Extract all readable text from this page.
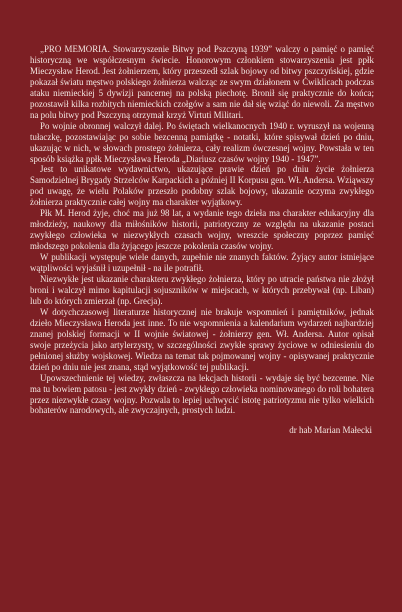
„PRO MEMORIA. Stowarzyszenie Bitwy pod Pszczyną 1939” walczy o pamięć o pamięć historyczną we współczesnym świecie. Honorowym członkiem stowarzyszenia jest ppłk Mieczysław Herod. Jest żołnierzem, który przeszedł szlak bojowy od bitwy pszczyńskiej, gdzie pokazał światu męstwo polskiego żołnierza walcząc ze swym działonem w Ćwiklicach podczas ataku niemieckiej 5 dywizji pancernej na polską piechotę. Bronił się praktycznie do końca; pozostawił kilka rozbitych niemieckich czołgów a sam nie dał się wziąć do niewoli. Za męstwo na polu bitwy pod Pszczyną otrzymał krzyż Virtuti Militari.

Po wojnie obronnej walczył dalej. Po świętach wielkanocnych 1940 r. wyruszył na wojenną tułaczkę, pozostawiając po sobie bezcenną pamiątkę - notatki, które spisywał dzień po dniu, ukazując w nich, w słowach prostego żołnierza, cały realizm ówczesnej wojny. Powstała w ten sposób książka ppłk Mieczysława Heroda „Diariusz czasów wojny 1940 - 1947”.

Jest to unikatowe wydawnictwo, ukazujące prawie dzień po dniu życie żołnierza Samodzielnej Brygady Strzelców Karpackich a później II Korpusu gen. Wł. Andersa. Wziąwszy pod uwagę, że wielu Polaków przeszło podobny szlak bojowy, ukazanie oczyma zwykłego żołnierza praktycznie całej wojny ma charakter wyjątkowy.

Płk M. Herod żyje, choć ma już 98 lat, a wydanie tego dzieła ma charakter edukacyjny dla młodzieży, naukowy dla miłośników historii, patriotyczny ze względu na ukazanie postaci zwykłego człowieka w niezwykłych czasach wojny, wreszcie społeczny poprzez pamięć młodszego pokolenia dla żyjącego jeszcze pokolenia czasów wojny.

W publikacji występuje wiele danych, zupełnie nie znanych faktów. Żyjący autor istniejące wątpliwości wyjaśnił i uzupełnił - na ile potrafił.

Niezwykłe jest ukazanie charakteru zwykłego żołnierza, który po utracie państwa nie złożył broni i walczył mimo kapitulacji sojuszników w miejscach, w których przebywał (np. Liban) lub do których zmierzał (np. Grecja).

W dotychczasowej literaturze historycznej nie brakuje wspomnień i pamiętników, jednak dzieło Mieczysława Heroda jest inne. To nie wspomnienia a kalendarium wydarzeń najbardziej znanej polskiej formacji w II wojnie światowej - żołnierzy gen. Wł. Andersa. Autor opisał swoje przeżycia jako artylerzysty, w szczególności zwykłe sprawy życiowe w odniesieniu do pełnionej służby wojskowej. Wiedza na temat tak pojmowanej wojny - opisywanej praktycznie dzień po dniu nie jest znana, stąd wyjątkowość tej publikacji.

Upowszechnienie tej wiedzy, zwłaszcza na lekcjach historii - wydaje się być bezcenne. Nie ma tu bowiem patosu - jest zwykły dzień - zwykłego człowieka nominowanego do roli bohatera przez niezwykłe czasy wojny. Pozwala to lepiej uchwycić istotę patriotyzmu nie tylko wielkich bohaterów narodowych, ale zwyczajnych, prostych ludzi.

dr hab Marian Małecki
